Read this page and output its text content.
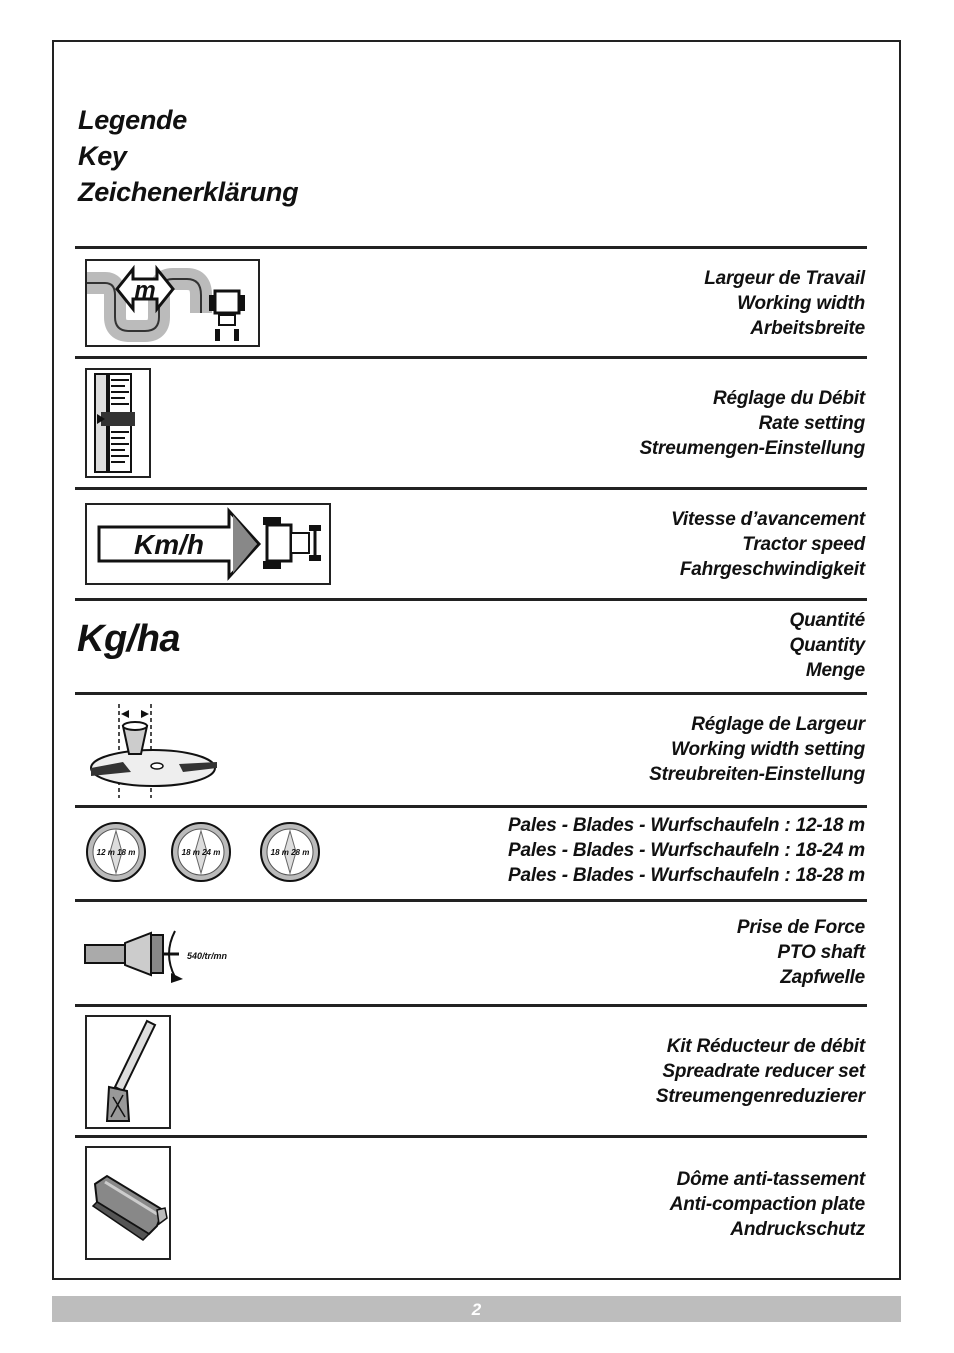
Legende
Key
Zeichenerklärung
m	Largeur de Travail
Working width
Arbeitsbreite
Réglage du Débit
Rate setting
Streumengen-Einstellung
Km/h
Vitesse d’avancement
Tractor speed
Fahrgeschwindigkeit
Kg/ha	Quantité
Quantity
Menge
Réglage de Largeur
Working width setting
Streubreiten-Einstellung
12 m 18 m	18 m 24 m	18 m 28 m
Pales - Blades - Wurfschaufeln : 12-18 m
Pales - Blades - Wurfschaufeln : 18-24 m
Pales - Blades - Wurfschaufeln : 18-28 m
540/tr/mn
Prise de Force
PTO shaft
Zapfwelle
Kit Réducteur de débit
Spreadrate reducer set
Streumengenreduzierer
Dôme anti-tassement
Anti-compaction plate
Andruckschutz
2
